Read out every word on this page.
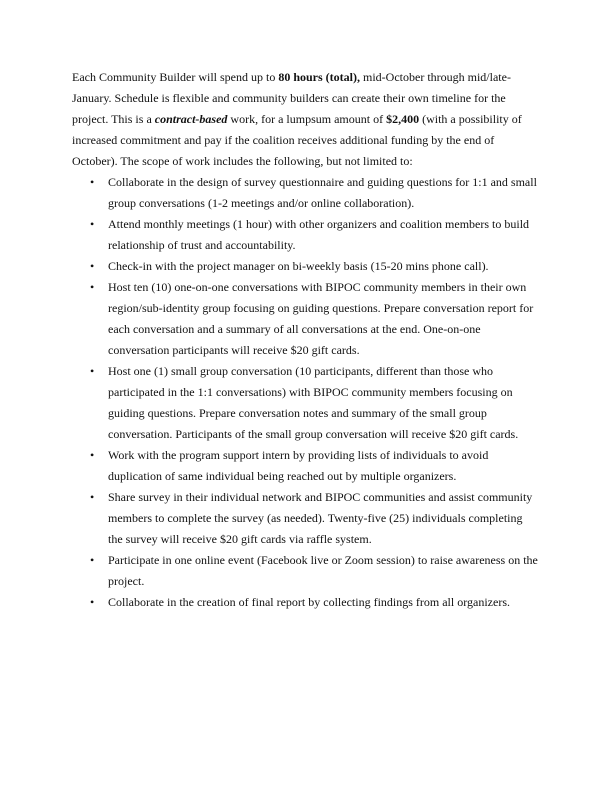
Each Community Builder will spend up to 80 hours (total), mid-October through mid/late-
January. Schedule is flexible and community builders can create their own timeline for the
project. This is a contract-based work, for a lumpsum amount of $2,400 (with a possibility of
increased commitment and pay if the coalition receives additional funding by the end of
October). The scope of work includes the following, but not limited to:

•	Collaborate in the design of survey questionnaire and guiding questions for 1:1 and small
group conversations (1-2 meetings and/or online collaboration).
•	Attend monthly meetings (1 hour) with other organizers and coalition members to build
relationship of trust and accountability.
•	Check-in with the project manager on bi-weekly basis (15-20 mins phone call).
•	Host ten (10) one-on-one conversations with BIPOC community members in their own
region/sub-identity group focusing on guiding questions. Prepare conversation report for
each conversation and a summary of all conversations at the end. One-on-one
conversation participants will receive $20 gift cards.
•	Host one (1) small group conversation (10 participants, different than those who
participated in the 1:1 conversations) with BIPOC community members focusing on
guiding questions. Prepare conversation notes and summary of the small group
conversation. Participants of the small group conversation will receive $20 gift cards.
•	Work with the program support intern by providing lists of individuals to avoid
duplication of same individual being reached out by multiple organizers.
•	Share survey in their individual network and BIPOC communities and assist community
members to complete the survey (as needed). Twenty-five (25) individuals completing
the survey will receive $20 gift cards via raffle system.
•	Participate in one online event (Facebook live or Zoom session) to raise awareness on the
project.
•	Collaborate in the creation of final report by collecting findings from all organizers.
